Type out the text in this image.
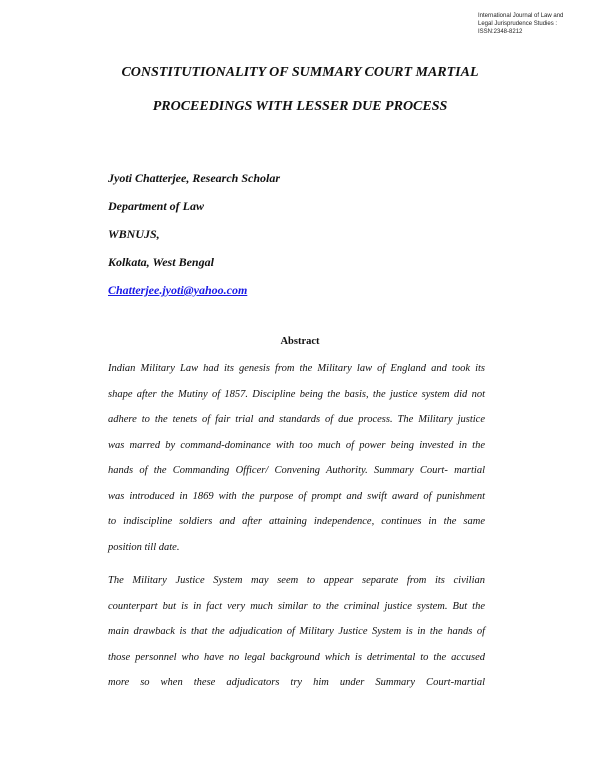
International Journal of Law and
Legal Jurisprudence Studies :
ISSN:2348-8212
CONSTITUTIONALITY OF SUMMARY COURT MARTIAL
PROCEEDINGS WITH LESSER DUE PROCESS
Jyoti Chatterjee, Research Scholar
Department of Law
WBNUJS,
Kolkata, West Bengal
Chatterjee.jyoti@yahoo.com
Abstract

Indian Military Law had its genesis from the Military law of England and took its
shape after the Mutiny of 1857. Discipline being the basis, the justice system did not
adhere to the tenets of fair trial and standards of due process. The Military justice
was marred by command-dominance with too much of power being invested in the
hands of the Commanding Officer/ Convening Authority. Summary Court- martial
was introduced in 1869 with the purpose of prompt and swift award of punishment
to indiscipline soldiers and after attaining independence, continues in the same
position till date.

The Military Justice System may seem to appear separate from its civilian
counterpart but is in fact very much similar to the criminal justice system. But the
main drawback is that the adjudication of Military Justice System is in the hands of
those personnel who have no legal background which is detrimental to the accused
more so when these adjudicators try him under Summary Court-martial
